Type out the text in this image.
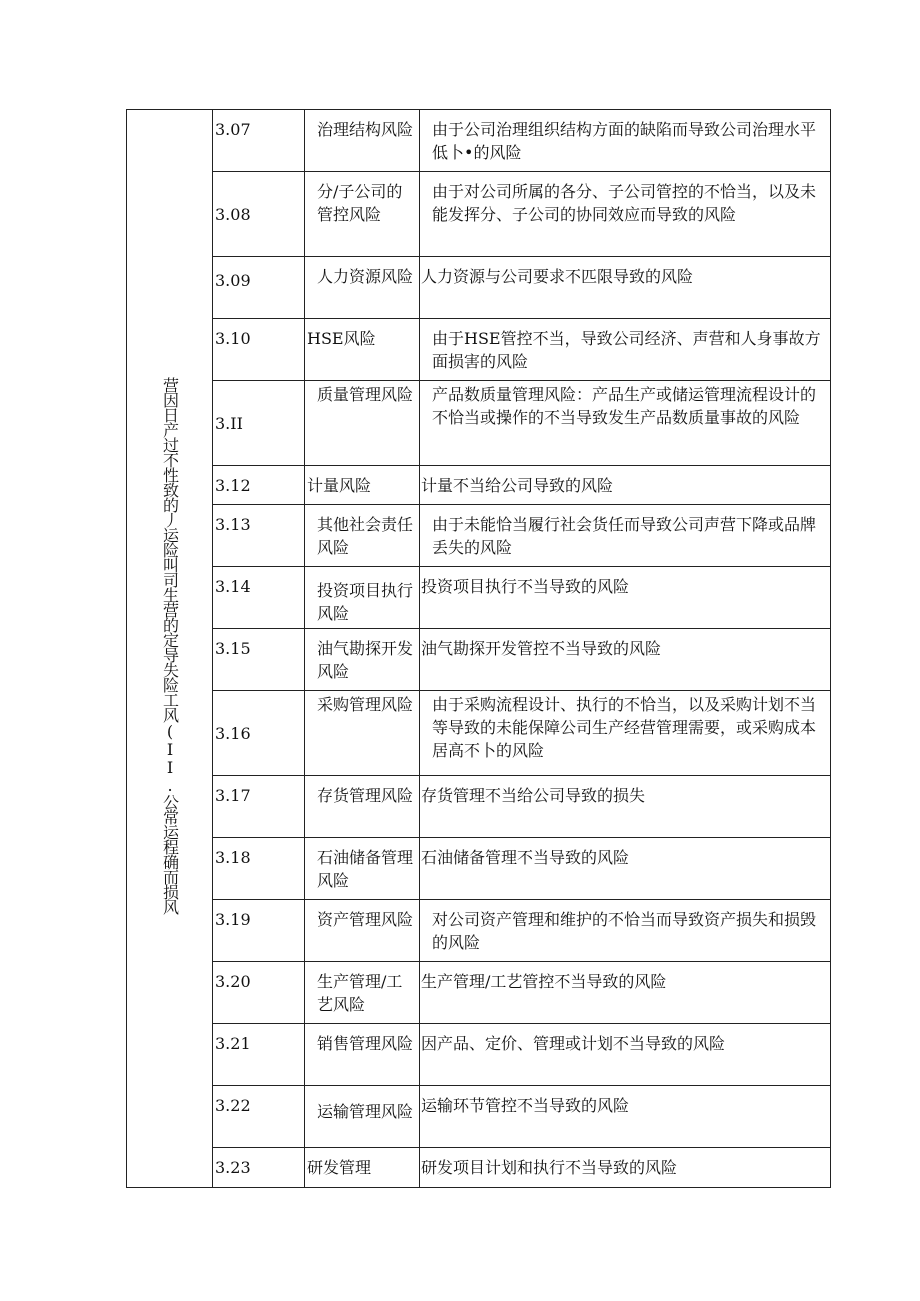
营因日产过不性致的丿运险叫司生营的定导失险工风(II.公常运程确而损风	3.07	治理结构风险	由于公司治理组织结构方面的缺陷而导致公司治理水平低卜•的风险

	3.08	分/子公司的管控风险	由于对公司所属的各分、子公司管控的不恰当，以及未能发挥分、子公司的协同效应而导致的风险

	3.09	人力资源风险	人力资源与公司要求不匹限导致的风险

	3.10	HSE风险	由于HSE管控不当，导致公司经济、声营和人身事故方面损害的风险

	3.II	质量管理风险	产品数质量管理风险：产品生产或储运管理流程设计的不恰当或操作的不当导致发生产品数质量事故的风险

	3.12	计量风险	计量不当给公司导致的风险

	3.13	其他社会责任风险	由于未能恰当履行社会货任而导致公司声营下降或品牌丢失的风险

	3.14	投资项目执行风险	投资项目执行不当导致的风险

	3.15	油气勘探开发风险	油气勘探开发管控不当导致的风险

	3.16	采购管理风险	由于采购流程设计、执行的不恰当，以及采购计划不当等导致的未能保障公司生产经营管理需要，或采购成本居高不卜的风险

	3.17	存货管理风险	存货管理不当给公司导致的损失

	3.18	石油储备管理风险	石油储备管理不当导致的风险

	3.19	资产管理风险	对公司资产管理和维护的不恰当而导致资产损失和损毁的风险

	3.20	生产管理/工艺风险	生产管理/工艺管控不当导致的风险

	3.21	销售管理风险	因产品、定价、管理或计划不当导致的风险

	3.22	运输管理风险	运输环节管控不当导致的风险

	3.23	研发管理	研发项目计划和执行不当导致的风险
